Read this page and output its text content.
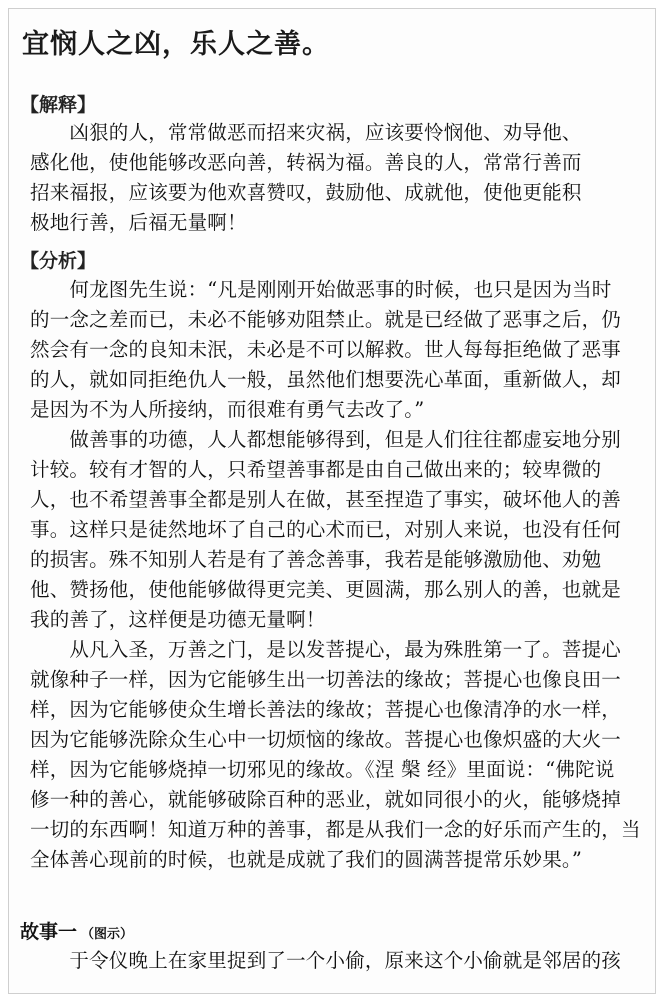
宜悯人之凶，乐人之善。
【解释】
　　凶狠的人，常常做恶而招来灾祸，应该要怜悯他、劝导他、
感化他，使他能够改恶向善，转祸为福。善良的人，常常行善而
招来福报，应该要为他欢喜赞叹，鼓励他、成就他，使他更能积
极地行善，后福无量啊！
【分析】
　　何龙图先生说：“凡是刚刚开始做恶事的时候，也只是因为当时
的一念之差而已，未必不能够劝阻禁止。就是已经做了恶事之后，仍
然会有一念的良知未泯，未必是不可以解救。世人每每拒绝做了恶事
的人，就如同拒绝仇人一般，虽然他们想要洗心革面，重新做人，却
是因为不为人所接纳，而很难有勇气去改了。”
　　做善事的功德，人人都想能够得到，但是人们往往都虚妄地分别
计较。较有才智的人，只希望善事都是由自己做出来的；较卑微的
人，也不希望善事全都是别人在做，甚至捏造了事实，破坏他人的善
事。这样只是徒然地坏了自己的心术而已，对别人来说，也没有任何
的损害。殊不知别人若是有了善念善事，我若是能够激励他、劝勉
他、赞扬他，使他能够做得更完美、更圆满，那么别人的善，也就是
我的善了，这样便是功德无量啊！
　　从凡入圣，万善之门，是以发菩提心，最为殊胜第一了。菩提心
就像种子一样，因为它能够生出一切善法的缘故；菩提心也像良田一
样，因为它能够使众生增长善法的缘故；菩提心也像清净的水一样，
因为它能够洗除众生心中一切烦恼的缘故。菩提心也像炽盛的大火一
样，因为它能够烧掉一切邪见的缘故。《涅 槃 经》里面说：“佛陀说
修一种的善心，就能够破除百种的恶业，就如同很小的火，能够烧掉
一切的东西啊！知道万种的善事，都是从我们一念的好乐而产生的，当
全体善心现前的时候，也就是成就了我们的圆满菩提常乐妙果。”
故事一 （图示）
　　于令仪晚上在家里捉到了一个小偷，原来这个小偷就是邻居的孩
